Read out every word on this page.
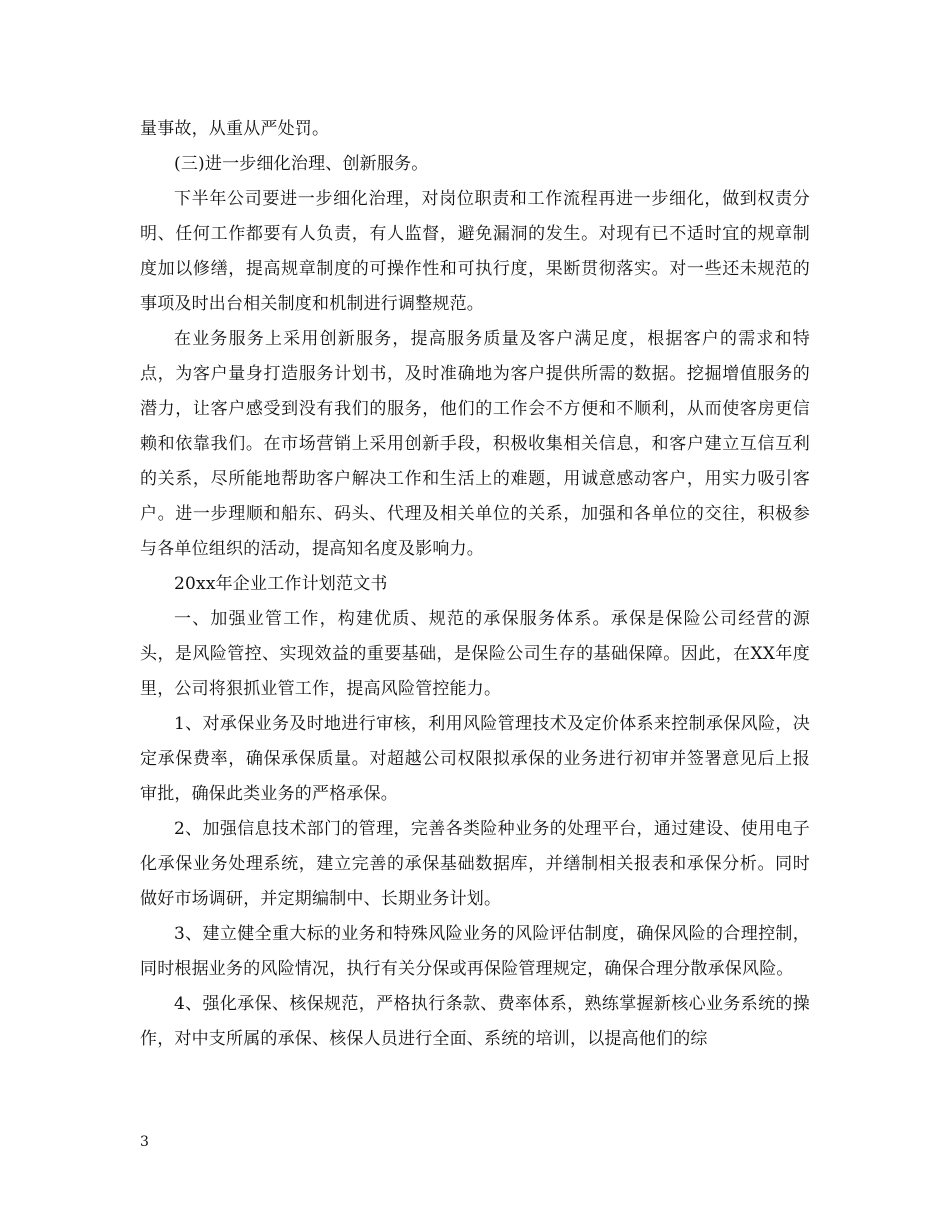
量事故，从重从严处罚。

(三)进一步细化治理、创新服务。

下半年公司要进一步细化治理，对岗位职责和工作流程再进一步细化，做到权责分明、任何工作都要有人负责，有人监督，避免漏洞的发生。对现有已不适时宜的规章制度加以修缮，提高规章制度的可操作性和可执行度，果断贯彻落实。对一些还未规范的事项及时出台相关制度和机制进行调整规范。

在业务服务上采用创新服务，提高服务质量及客户满足度，根据客户的需求和特点，为客户量身打造服务计划书，及时准确地为客户提供所需的数据。挖掘增值服务的潜力，让客户感受到没有我们的服务，他们的工作会不方便和不顺利，从而使客房更信赖和依靠我们。在市场营销上采用创新手段，积极收集相关信息，和客户建立互信互利的关系，尽所能地帮助客户解决工作和生活上的难题，用诚意感动客户，用实力吸引客户。进一步理顺和船东、码头、代理及相关单位的关系，加强和各单位的交往，积极参与各单位组织的活动，提高知名度及影响力。

20xx年企业工作计划范文书

一、加强业管工作，构建优质、规范的承保服务体系。承保是保险公司经营的源头，是风险管控、实现效益的重要基础，是保险公司生存的基础保障。因此，在XX年度里，公司将狠抓业管工作，提高风险管控能力。

1、对承保业务及时地进行审核，利用风险管理技术及定价体系来控制承保风险，决定承保费率，确保承保质量。对超越公司权限拟承保的业务进行初审并签署意见后上报审批，确保此类业务的严格承保。

2、加强信息技术部门的管理，完善各类险种业务的处理平台，通过建设、使用电子化承保业务处理系统，建立完善的承保基础数据库，并缮制相关报表和承保分析。同时做好市场调研，并定期编制中、长期业务计划。

3、建立健全重大标的业务和特殊风险业务的风险评估制度，确保风险的合理控制，同时根据业务的风险情况，执行有关分保或再保险管理规定，确保合理分散承保风险。

4、强化承保、核保规范，严格执行条款、费率体系，熟练掌握新核心业务系统的操作，对中支所属的承保、核保人员进行全面、系统的培训，以提高他们的综

3
